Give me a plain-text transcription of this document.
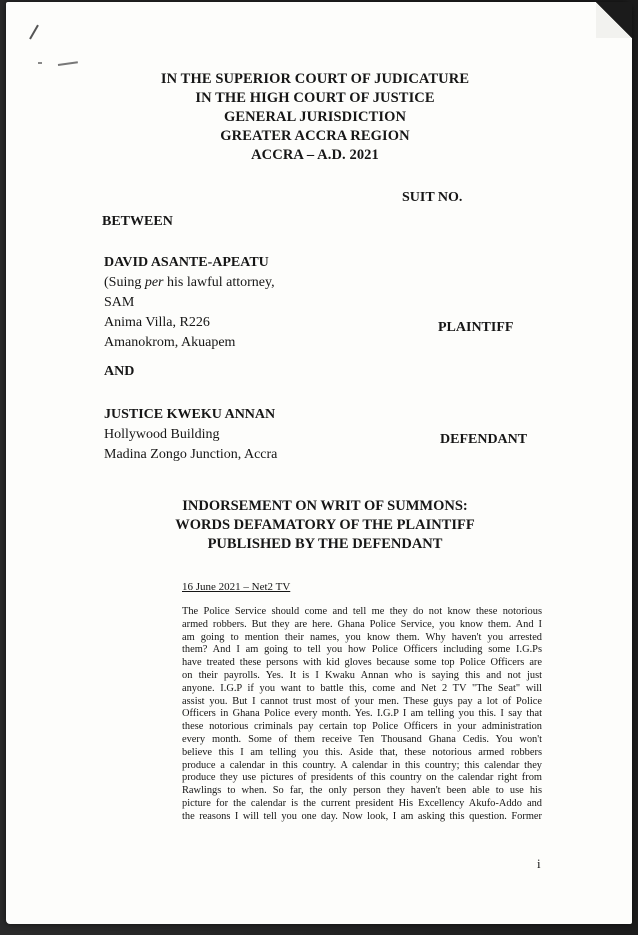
IN THE SUPERIOR COURT OF JUDICATURE
IN THE HIGH COURT OF JUSTICE
GENERAL JURISDICTION
GREATER ACCRA REGION
ACCRA – A.D. 2021
SUIT NO.
BETWEEN
DAVID ASANTE-APEATU
(Suing per his lawful attorney,
SAM
Anima Villa, R226
Amanokrom, Akuapem
PLAINTIFF
AND
JUSTICE KWEKU ANNAN
Hollywood Building
Madina Zongo Junction, Accra
DEFENDANT
INDORSEMENT ON WRIT OF SUMMONS:
WORDS DEFAMATORY OF THE PLAINTIFF
PUBLISHED BY THE DEFENDANT
16 June 2021 – Net2 TV
The Police Service should come and tell me they do not know these notorious
armed robbers. But they are here. Ghana Police Service, you know them. And I
am going to mention their names, you know them. Why haven't you arrested
them? And I am going to tell you how Police Officers including some I.G.Ps
have treated these persons with kid gloves because some top Police Officers are
on their payrolls. Yes. It is I Kwaku Annan who is saying this and not just
anyone. I.G.P if you want to battle this, come and Net 2 TV "The Seat" will
assist you. But I cannot trust most of your men. These guys pay a lot of Police
Officers in Ghana Police every month. Yes. I.G.P I am telling you this. I say that
these notorious criminals pay certain top Police Officers in your administration
every month. Some of them receive Ten Thousand Ghana Cedis. You won't
believe this I am telling you this. Aside that, these notorious armed robbers
produce a calendar in this country. A calendar in this country; this calendar they
produce they use pictures of presidents of this country on the calendar right from
Rawlings to when. So far, the only person they haven't been able to use his
picture for the calendar is the current president His Excellency Akufo-Addo and
the reasons I will tell you one day. Now look, I am asking this question. Former
i
